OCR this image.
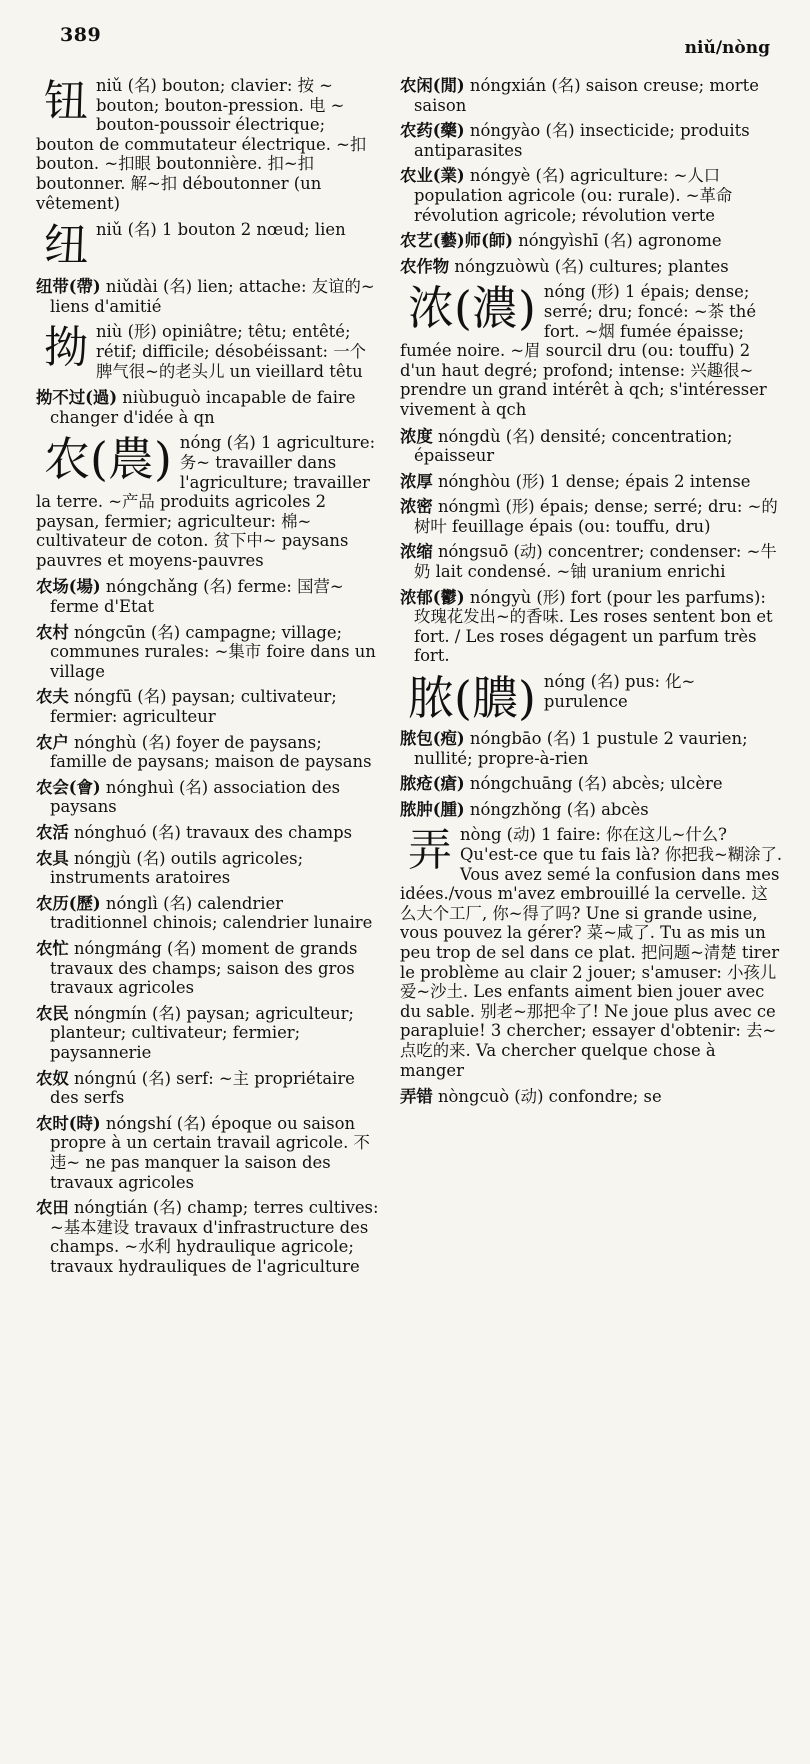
389
niǔ/nòng

钮niǔ (名) bouton; clavier: 按 ~ bouton; bouton-pression. 电 ~ bouton-poussoir électrique; bouton de commutateur électrique. ~扣 bouton. ~扣眼 boutonnière. 扣~扣 boutonner. 解~扣 déboutonner (un vêtement)

纽niǔ (名) 1 bouton 2 nœud; lien

纽带(帶) niǔdài (名) lien; attache: 友谊的~ liens d'amitié

拗niù (形) opiniâtre; têtu; entêté; rétif; difficile; désobéissant: 一个脾气很~的老头儿 un vieillard têtu

拗不过(過) niùbuguò incapable de faire changer d'idée à qn

农(農) nóng (名) 1 agriculture: 务~ travailler dans l'agriculture; travailler la terre. ~产品 produits agricoles 2 paysan, fermier; agriculteur: 棉~ cultivateur de coton. 贫下中~ paysans pauvres et moyens-pauvres

农场(場) nóngchǎng (名) ferme: 国营~ ferme d'Etat

农村 nóngcūn (名) campagne; village; communes rurales: ~集市 foire dans un village

农夫 nóngfū (名) paysan; cultivateur; fermier: agriculteur

农户 nónghù (名) foyer de paysans; famille de paysans; maison de paysans

农会(會) nónghuì (名) association des paysans

农活 nónghuó (名) travaux des champs

农具 nóngjù (名) outils agricoles; instruments aratoires

农历(歷) nónglì (名) calendrier traditionnel chinois; calendrier lunaire

农忙 nóngmáng (名) moment de grands travaux des champs; saison des gros travaux agricoles

农民 nóngmín (名) paysan; agriculteur; planteur; cultivateur; fermier; paysannerie

农奴 nóngnú (名) serf: ~主 propriétaire des serfs

农时(時) nóngshí (名) époque ou saison propre à un certain travail agricole. 不违~ ne pas manquer la saison des travaux agricoles

农田 nóngtián (名) champ; terres cultives: ~基本建设 travaux d'infrastructure des champs. ~水利 hydraulique agricole; travaux hydrauliques de l'agriculture

农闲(閒) nóngxián (名) saison creuse; morte saison

农药(藥) nóngyào (名) insecticide; produits antiparasites

农业(業) nóngyè (名) agriculture: ~人口 population agricole (ou: rurale). ~革命 révolution agricole; révolution verte

农艺(藝)师(師) nóngyìshī (名) agronome

农作物 nóngzuòwù (名) cultures; plantes

浓(濃) nóng (形) 1 épais; dense; serré; dru; foncé: ~茶 thé fort. ~烟 fumée épaisse; fumée noire. ~眉 sourcil dru (ou: touffu) 2 d'un haut degré; profond; intense: 兴趣很~ prendre un grand intérêt à qch; s'intéresser vivement à qch

浓度 nóngdù (名) densité; concentration; épaisseur

浓厚 nónghòu (形) 1 dense; épais 2 intense

浓密 nóngmì (形) épais; dense; serré; dru: ~的树叶 feuillage épais (ou: touffu, dru)

浓缩 nóngsuō (动) concentrer; condenser: ~牛奶 lait condensé. ~铀 uranium enrichi

浓郁(鬱) nóngyù (形) fort (pour les parfums): 玫瑰花发出~的香味. Les roses sentent bon et fort. / Les roses dégagent un parfum très fort.

脓(膿) nóng (名) pus: 化~ purulence

脓包(疱) nóngbāo (名) 1 pustule 2 vaurien; nullité; propre-à-rien

脓疮(瘡) nóngchuāng (名) abcès; ulcère

脓肿(腫) nóngzhǒng (名) abcès

弄nòng (动) 1 faire: 你在这儿~什么? Qu'est-ce que tu fais là? 你把我~糊涂了. Vous avez semé la confusion dans mes idées./vous m'avez embrouillé la cervelle. 这么大个工厂, 你~得了吗? Une si grande usine, vous pouvez la gérer? 菜~咸了. Tu as mis un peu trop de sel dans ce plat. 把问题~清楚 tirer le problème au clair 2 jouer; s'amuser: 小孩儿爱~沙土. Les enfants aiment bien jouer avec du sable. 别老~那把伞了! Ne joue plus avec ce parapluie! 3 chercher; essayer d'obtenir: 去~点吃的来. Va chercher quelque chose à manger

弄错 nòngcuò (动) confondre; se
